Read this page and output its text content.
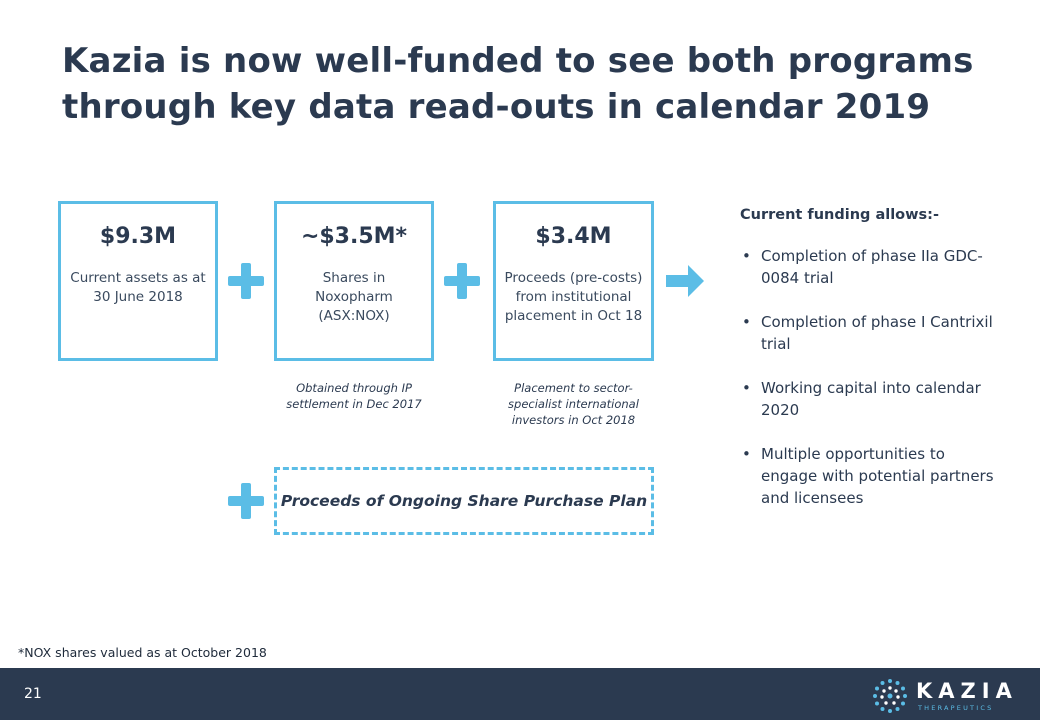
Kazia is now well-funded to see both programs
through key data read-outs in calendar 2019
$9.3M
Current assets as at 30 June 2018
~$3.5M*
Shares in Noxopharm (ASX:NOX)
$3.4M
Proceeds (pre-costs) from institutional placement in Oct 18
Obtained through IP settlement in Dec 2017
Placement to sector-specialist international investors in Oct 2018
Proceeds of Ongoing Share Purchase Plan
Current funding allows:-
• Completion of phase IIa GDC-0084 trial
• Completion of phase I Cantrixil trial
• Working capital into calendar 2020
• Multiple opportunities to engage with potential partners and licensees
*NOX shares valued as at October 2018
21	KAZIA
THERAPEUTICS
